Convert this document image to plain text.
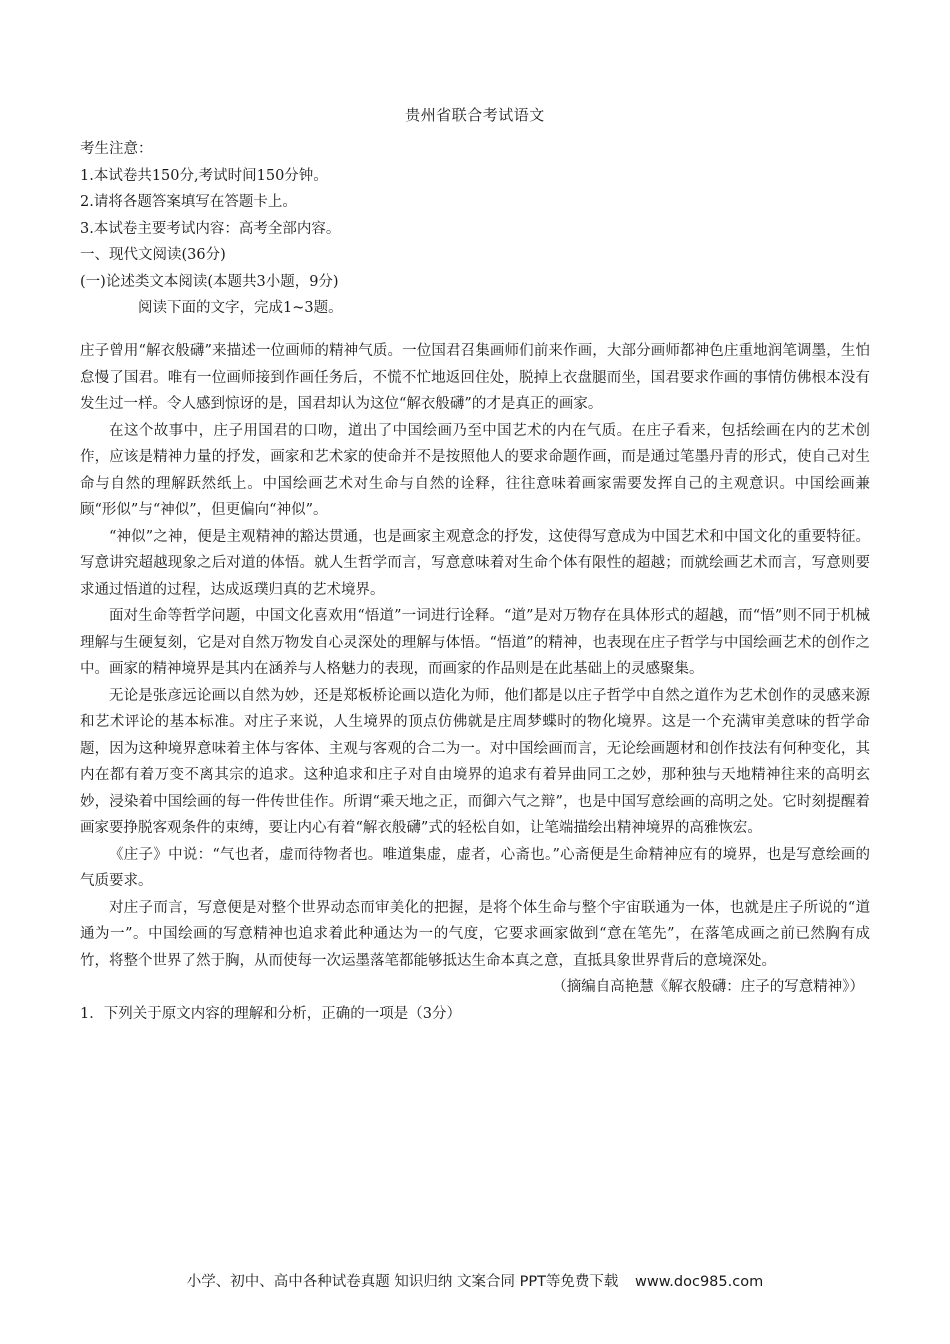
贵州省联合考试语文
考生注意：
1.本试卷共150分,考试时间150分钟。
2.请将各题答案填写在答题卡上。
3.本试卷主要考试内容：高考全部内容。
一、现代文阅读(36分)
(一)论述类文本阅读(本题共3小题，9分)
阅读下面的文字，完成1~3题。

庄子曾用“解衣般礴”来描述一位画师的精神气质。一位国君召集画师们前来作画，大部分画师都神色庄重地润笔调墨，生怕怠慢了国君。唯有一位画师接到作画任务后，不慌不忙地返回住处，脱掉上衣盘腿而坐，国君要求作画的事情仿佛根本没有发生过一样。令人感到惊讶的是，国君却认为这位“解衣般礴”的才是真正的画家。

在这个故事中，庄子用国君的口吻，道出了中国绘画乃至中国艺术的内在气质。在庄子看来，包括绘画在内的艺术创作，应该是精神力量的抒发，画家和艺术家的使命并不是按照他人的要求命题作画，而是通过笔墨丹青的形式，使自己对生命与自然的理解跃然纸上。中国绘画艺术对生命与自然的诠释，往往意味着画家需要发挥自己的主观意识。中国绘画兼顾“形似”与“神似”，但更偏向“神似”。

“神似”之神，便是主观精神的豁达贯通，也是画家主观意念的抒发，这使得写意成为中国艺术和中国文化的重要特征。写意讲究超越现象之后对道的体悟。就人生哲学而言，写意意味着对生命个体有限性的超越；而就绘画艺术而言，写意则要求通过悟道的过程，达成返璞归真的艺术境界。

面对生命等哲学问题，中国文化喜欢用“悟道”一词进行诠释。“道”是对万物存在具体形式的超越，而“悟”则不同于机械理解与生硬复刻，它是对自然万物发自心灵深处的理解与体悟。“悟道”的精神，也表现在庄子哲学与中国绘画艺术的创作之中。画家的精神境界是其内在涵养与人格魅力的表现，而画家的作品则是在此基础上的灵感聚集。

无论是张彦远论画以自然为妙，还是郑板桥论画以造化为师，他们都是以庄子哲学中自然之道作为艺术创作的灵感来源和艺术评论的基本标准。对庄子来说，人生境界的顶点仿佛就是庄周梦蝶时的物化境界。这是一个充满审美意味的哲学命题，因为这种境界意味着主体与客体、主观与客观的合二为一。对中国绘画而言，无论绘画题材和创作技法有何种变化，其内在都有着万变不离其宗的追求。这种追求和庄子对自由境界的追求有着异曲同工之妙，那种独与天地精神往来的高明玄妙，浸染着中国绘画的每一件传世佳作。所谓“乘天地之正，而御六气之辩”，也是中国写意绘画的高明之处。它时刻提醒着画家要挣脱客观条件的束缚，要让内心有着“解衣般礴”式的轻松自如，让笔端描绘出精神境界的高雅恢宏。

《庄子》中说：“气也者，虚而待物者也。唯道集虚，虚者，心斋也。”心斋便是生命精神应有的境界，也是写意绘画的气质要求。

对庄子而言，写意便是对整个世界动态而审美化的把握，是将个体生命与整个宇宙联通为一体，也就是庄子所说的“道通为一”。中国绘画的写意精神也追求着此种通达为一的气度，它要求画家做到“意在笔先”，在落笔成画之前已然胸有成竹，将整个世界了然于胸，从而使每一次运墨落笔都能够抵达生命本真之意，直抵具象世界背后的意境深处。

（摘编自高艳慧《解衣般礴：庄子的写意精神》）

1．下列关于原文内容的理解和分析，正确的一项是（3分）

小学、初中、高中各种试卷真题 知识归纳 文案合同 PPT等免费下载 www.doc985.com
